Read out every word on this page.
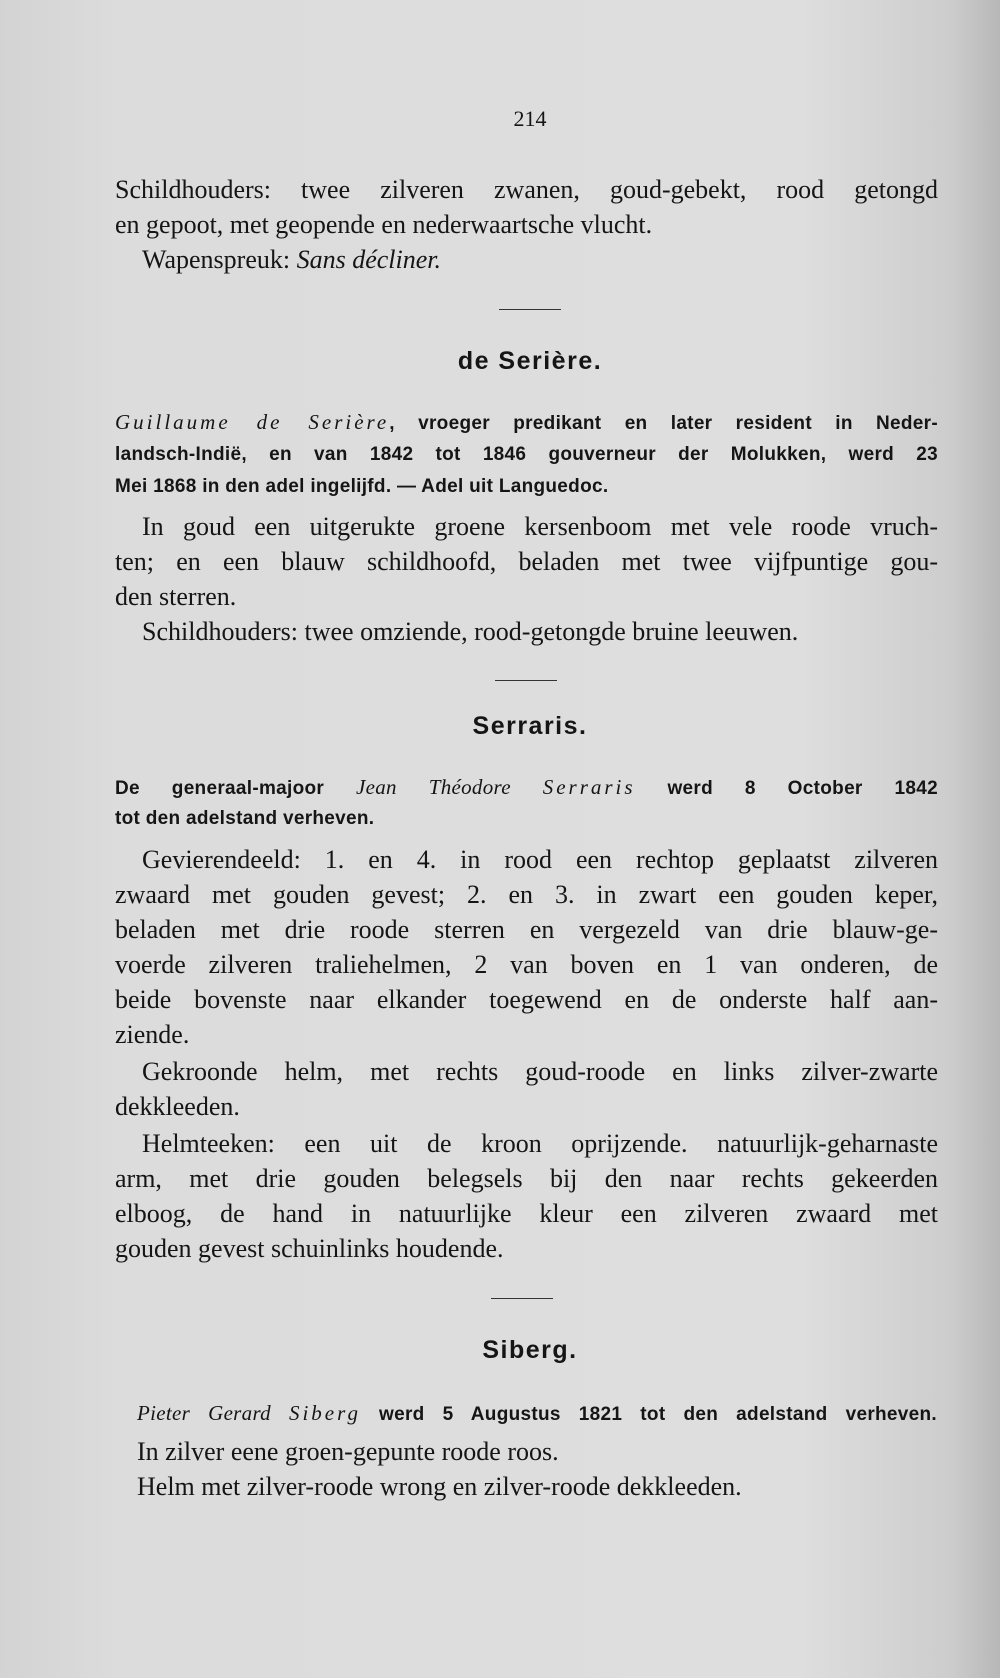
214
Schildhouders: twee zilveren zwanen, goud-gebekt, rood getongd
en gepoot, met geopende en nederwaartsche vlucht.
Wapenspreuk: Sans décliner.
de Serière.
Guillaume de Serière, vroeger predikant en later resident in Neder-
landsch-Indië, en van 1842 tot 1846 gouverneur der Molukken, werd 23
Mei 1868 in den adel ingelijfd. — Adel uit Languedoc.
In goud een uitgerukte groene kersenboom met vele roode vruch-
ten; en een blauw schildhoofd, beladen met twee vijfpuntige gou-
den sterren.
Schildhouders: twee omziende, rood-getongde bruine leeuwen.
Serraris.
De generaal-majoor Jean Théodore Serraris werd 8 October 1842
tot den adelstand verheven.
Gevierendeeld: 1. en 4. in rood een rechtop geplaatst zilveren
zwaard met gouden gevest; 2. en 3. in zwart een gouden keper,
beladen met drie roode sterren en vergezeld van drie blauw-ge-
voerde zilveren traliehelmen, 2 van boven en 1 van onderen, de
beide bovenste naar elkander toegewend en de onderste half aan-
ziende.
Gekroonde helm, met rechts goud-roode en links zilver-zwarte
dekkleeden.
Helmteeken: een uit de kroon oprijzende. natuurlijk-geharnaste
arm, met drie gouden belegsels bij den naar rechts gekeerden
elboog, de hand in natuurlijke kleur een zilveren zwaard met
gouden gevest schuinlinks houdende.
Siberg.
Pieter Gerard Siberg werd 5 Augustus 1821 tot den adelstand verheven.
In zilver eene groen-gepunte roode roos.
Helm met zilver-roode wrong en zilver-roode dekkleeden.
